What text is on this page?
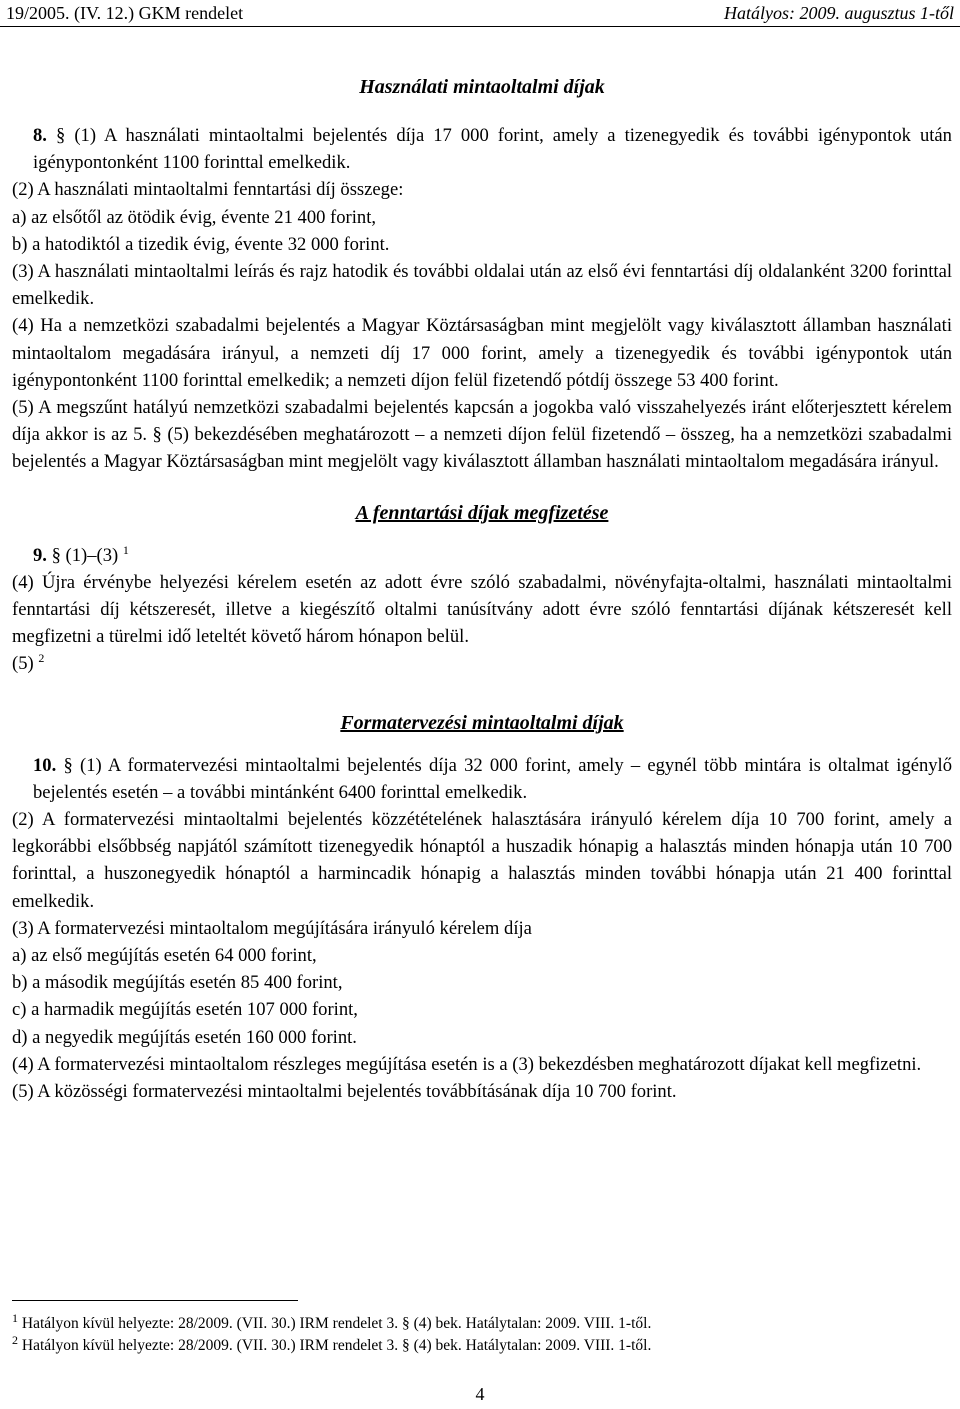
19/2005. (IV. 12.) GKM rendelet	Hatályos: 2009. augusztus 1-től

Használati mintaoltalmi díjak

8. § (1) A használati mintaoltalmi bejelentés díja 17 000 forint, amely a tizenegyedik és további igénypontok után igénypontonként 1100 forinttal emelkedik.

(2) A használati mintaoltalmi fenntartási díj összege:

a) az elsőtől az ötödik évig, évente 21 400 forint,

b) a hatodiktól a tizedik évig, évente 32 000 forint.

(3) A használati mintaoltalmi leírás és rajz hatodik és további oldalai után az első évi fenntartási díj oldalanként 3200 forinttal emelkedik.

(4) Ha a nemzetközi szabadalmi bejelentés a Magyar Köztársaságban mint megjelölt vagy kiválasztott államban használati mintaoltalom megadására irányul, a nemzeti díj 17 000 forint, amely a tizenegyedik és további igénypontok után igénypontonként 1100 forinttal emelkedik; a nemzeti díjon felül fizetendő pótdíj összege 53 400 forint.

(5) A megszűnt hatályú nemzetközi szabadalmi bejelentés kapcsán a jogokba való visszahelyezés iránt előterjesztett kérelem díja akkor is az 5. § (5) bekezdésében meghatározott – a nemzeti díjon felül fizetendő – összeg, ha a nemzetközi szabadalmi bejelentés a Magyar Köztársaságban mint megjelölt vagy kiválasztott államban használati mintaoltalom megadására irányul.

A fenntartási díjak megfizetése

9. § (1)–(3) $^1$

(4) Újra érvénybe helyezési kérelem esetén az adott évre szóló szabadalmi, növényfajta-oltalmi, használati mintaoltalmi fenntartási díj kétszeresét, illetve a kiegészítő oltalmi tanúsítvány adott évre szóló fenntartási díjának kétszeresét kell megfizetni a türelmi idő leteltét követő három hónapon belül.

(5) $^2$

Formatervezési mintaoltalmi díjak

10. § (1) A formatervezési mintaoltalmi bejelentés díja 32 000 forint, amely – egynél több mintára is oltalmat igénylő bejelentés esetén – a további mintánként 6400 forinttal emelkedik.

(2) A formatervezési mintaoltalmi bejelentés közzétételének halasztására irányuló kérelem díja 10 700 forint, amely a legkorábbi elsőbbség napjától számított tizenegyedik hónaptól a huszadik hónapig a halasztás minden hónapja után 10 700 forinttal, a huszonegyedik hónaptól a harmincadik hónapig a halasztás minden további hónapja után 21 400 forinttal emelkedik.

(3) A formatervezési mintaoltalom megújítására irányuló kérelem díja

a) az első megújítás esetén 64 000 forint,

b) a második megújítás esetén 85 400 forint,

c) a harmadik megújítás esetén 107 000 forint,

d) a negyedik megújítás esetén 160 000 forint.

(4) A formatervezési mintaoltalom részleges megújítása esetén is a (3) bekezdésben meghatározott díjakat kell megfizetni.

(5) A közösségi formatervezési mintaoltalmi bejelentés továbbításának díja 10 700 forint.

$^1$ Hatályon kívül helyezte: 28/2009. (VII. 30.) IRM rendelet 3. § (4) bek. Hatálytalan: 2009. VIII. 1-től.
$^2$ Hatályon kívül helyezte: 28/2009. (VII. 30.) IRM rendelet 3. § (4) bek. Hatálytalan: 2009. VIII. 1-től.
4
